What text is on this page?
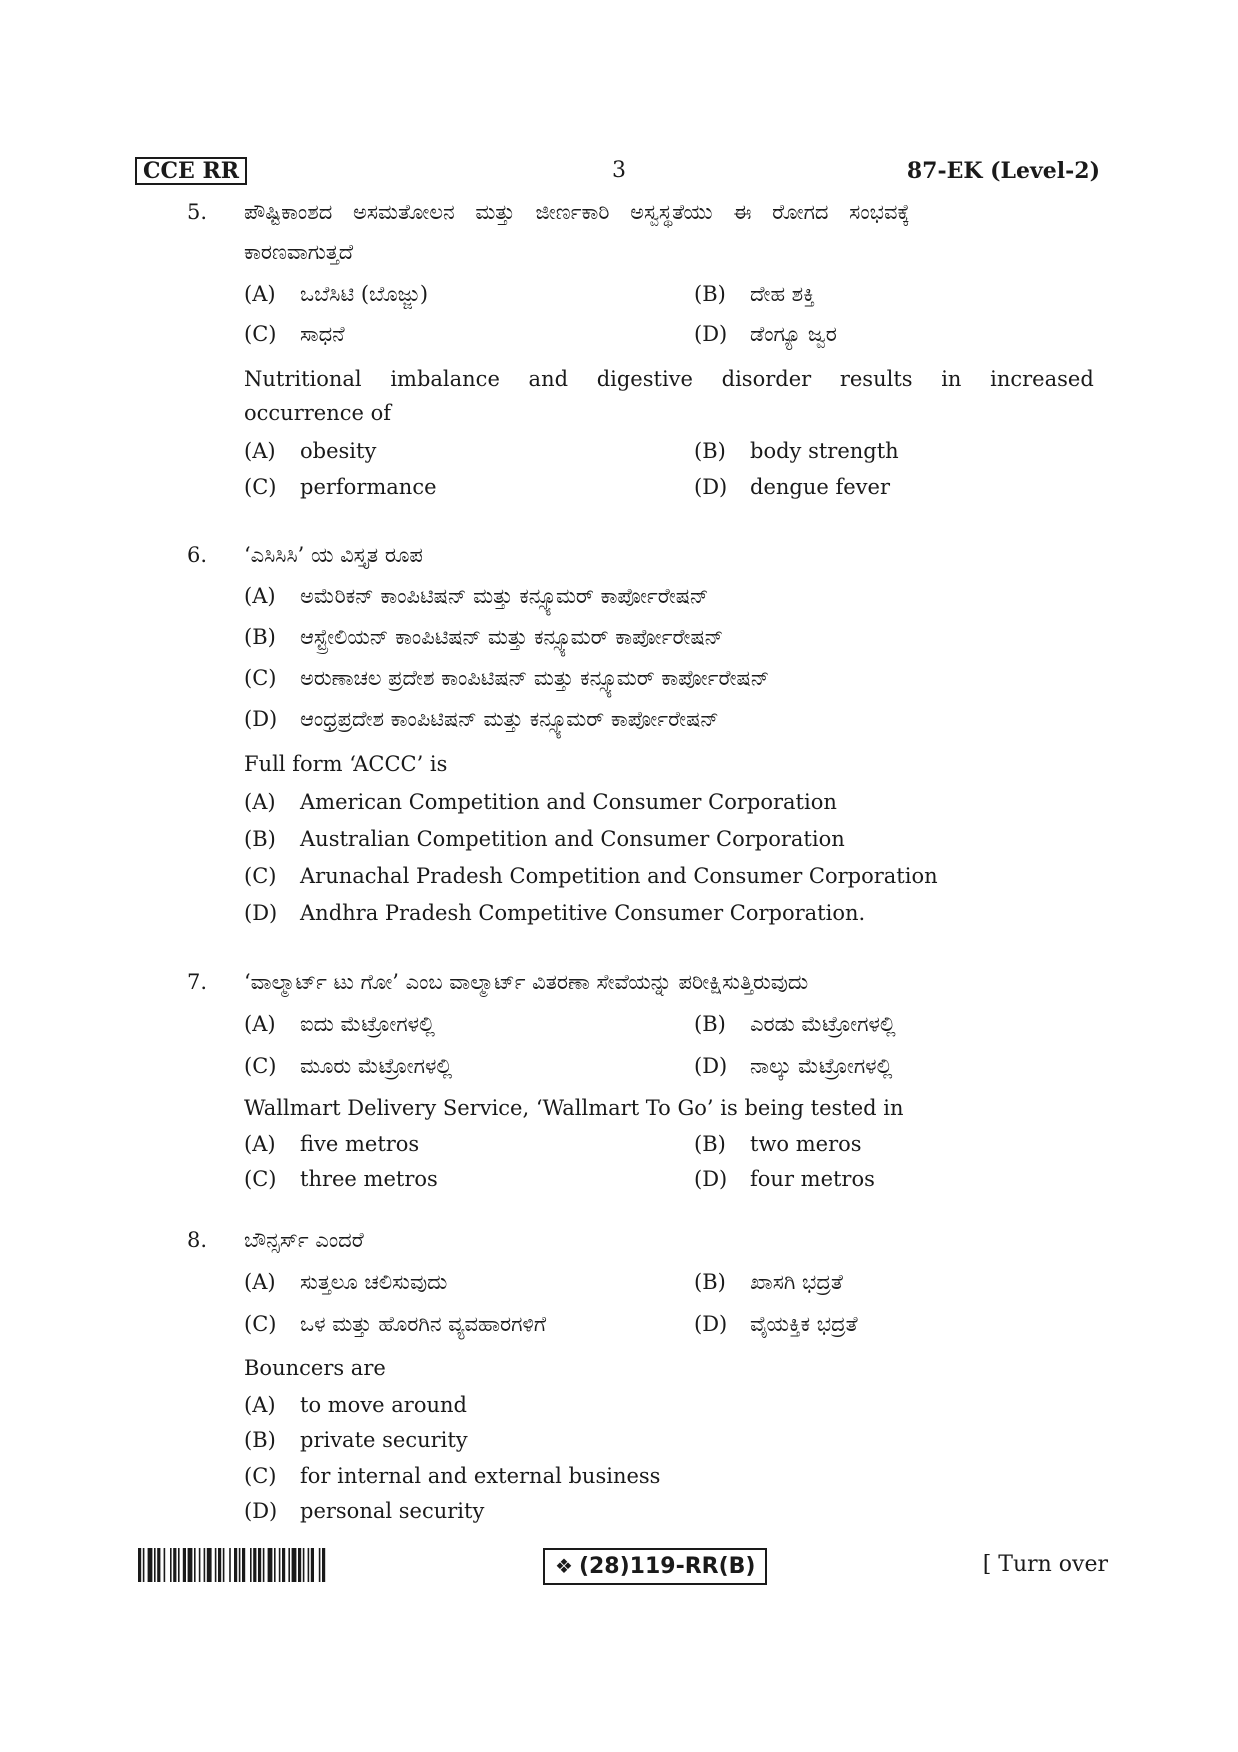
CCE RR	3	87-EK (Level-2)
5. ಪೌಷ್ಟಿಕಾಂಶದ ಅಸಮತೋಲನ ಮತ್ತು ಜೀರ್ಣಕಾರಿ ಅಸ್ವಸ್ಥತೆಯು ಈ ರೋಗದ ಸಂಭವಕ್ಕೆ
ಕಾರಣವಾಗುತ್ತದೆ
(A) ಒಬೆಸಿಟಿ (ಬೊಜ್ಜು)	(B) ದೇಹ ಶಕ್ತಿ
(C) ಸಾಧನೆ	(D) ಡೆಂಗ್ಯೂ ಜ್ವರ
Nutritional imbalance and digestive disorder results in increased
occurrence of
(A) obesity	(B) body strength
(C) performance	(D) dengue fever
6. ‘ಎಸಿಸಿಸಿ’ ಯ ವಿಸ್ತೃತ ರೂಪ
(A) ಅಮೆರಿಕನ್ ಕಾಂಪಿಟಿಷನ್ ಮತ್ತು ಕನ್ಸ್ಯೂಮರ್ ಕಾರ್ಪೋರೇಷನ್
(B) ಆಸ್ಟ್ರೇಲಿಯನ್ ಕಾಂಪಿಟಿಷನ್ ಮತ್ತು ಕನ್ಸ್ಯೂಮರ್ ಕಾರ್ಪೋರೇಷನ್
(C) ಅರುಣಾಚಲ ಪ್ರದೇಶ ಕಾಂಪಿಟಿಷನ್ ಮತ್ತು ಕನ್ಸ್ಯೂಮರ್ ಕಾರ್ಪೋರೇಷನ್
(D) ಆಂಧ್ರಪ್ರದೇಶ ಕಾಂಪಿಟಿಷನ್ ಮತ್ತು ಕನ್ಸ್ಯೂಮರ್ ಕಾರ್ಪೋರೇಷನ್
Full form ‘ACCC’ is
(A) American Competition and Consumer Corporation
(B) Australian Competition and Consumer Corporation
(C) Arunachal Pradesh Competition and Consumer Corporation
(D) Andhra Pradesh Competitive Consumer Corporation.
7. ‘ವಾಲ್ಮಾರ್ಟ್ ಟು ಗೋ’ ಎಂಬ ವಾಲ್ಮಾರ್ಟ್ ವಿತರಣಾ ಸೇವೆಯನ್ನು ಪರೀಕ್ಷಿಸುತ್ತಿರುವುದು
(A) ಐದು ಮೆಟ್ರೋಗಳಲ್ಲಿ	(B) ಎರಡು ಮೆಟ್ರೋಗಳಲ್ಲಿ
(C) ಮೂರು ಮೆಟ್ರೋಗಳಲ್ಲಿ	(D) ನಾಲ್ಕು ಮೆಟ್ರೋಗಳಲ್ಲಿ
Wallmart Delivery Service, ‘Wallmart To Go’ is being tested in
(A) five metros	(B) two meros
(C) three metros	(D) four metros
8. ಬೌನ್ಸರ್ಸ್ ಎಂದರೆ
(A) ಸುತ್ತಲೂ ಚಲಿಸುವುದು	(B) ಖಾಸಗಿ ಭದ್ರತೆ
(C) ಒಳ ಮತ್ತು ಹೊರಗಿನ ವ್ಯವಹಾರಗಳಿಗೆ	(D) ವೈಯಕ್ತಿಕ ಭದ್ರತೆ
Bouncers are
(A) to move around
(B) private security
(C) for internal and external business
(D) personal security
❖ (28)119-RR(B)	[ Turn over
